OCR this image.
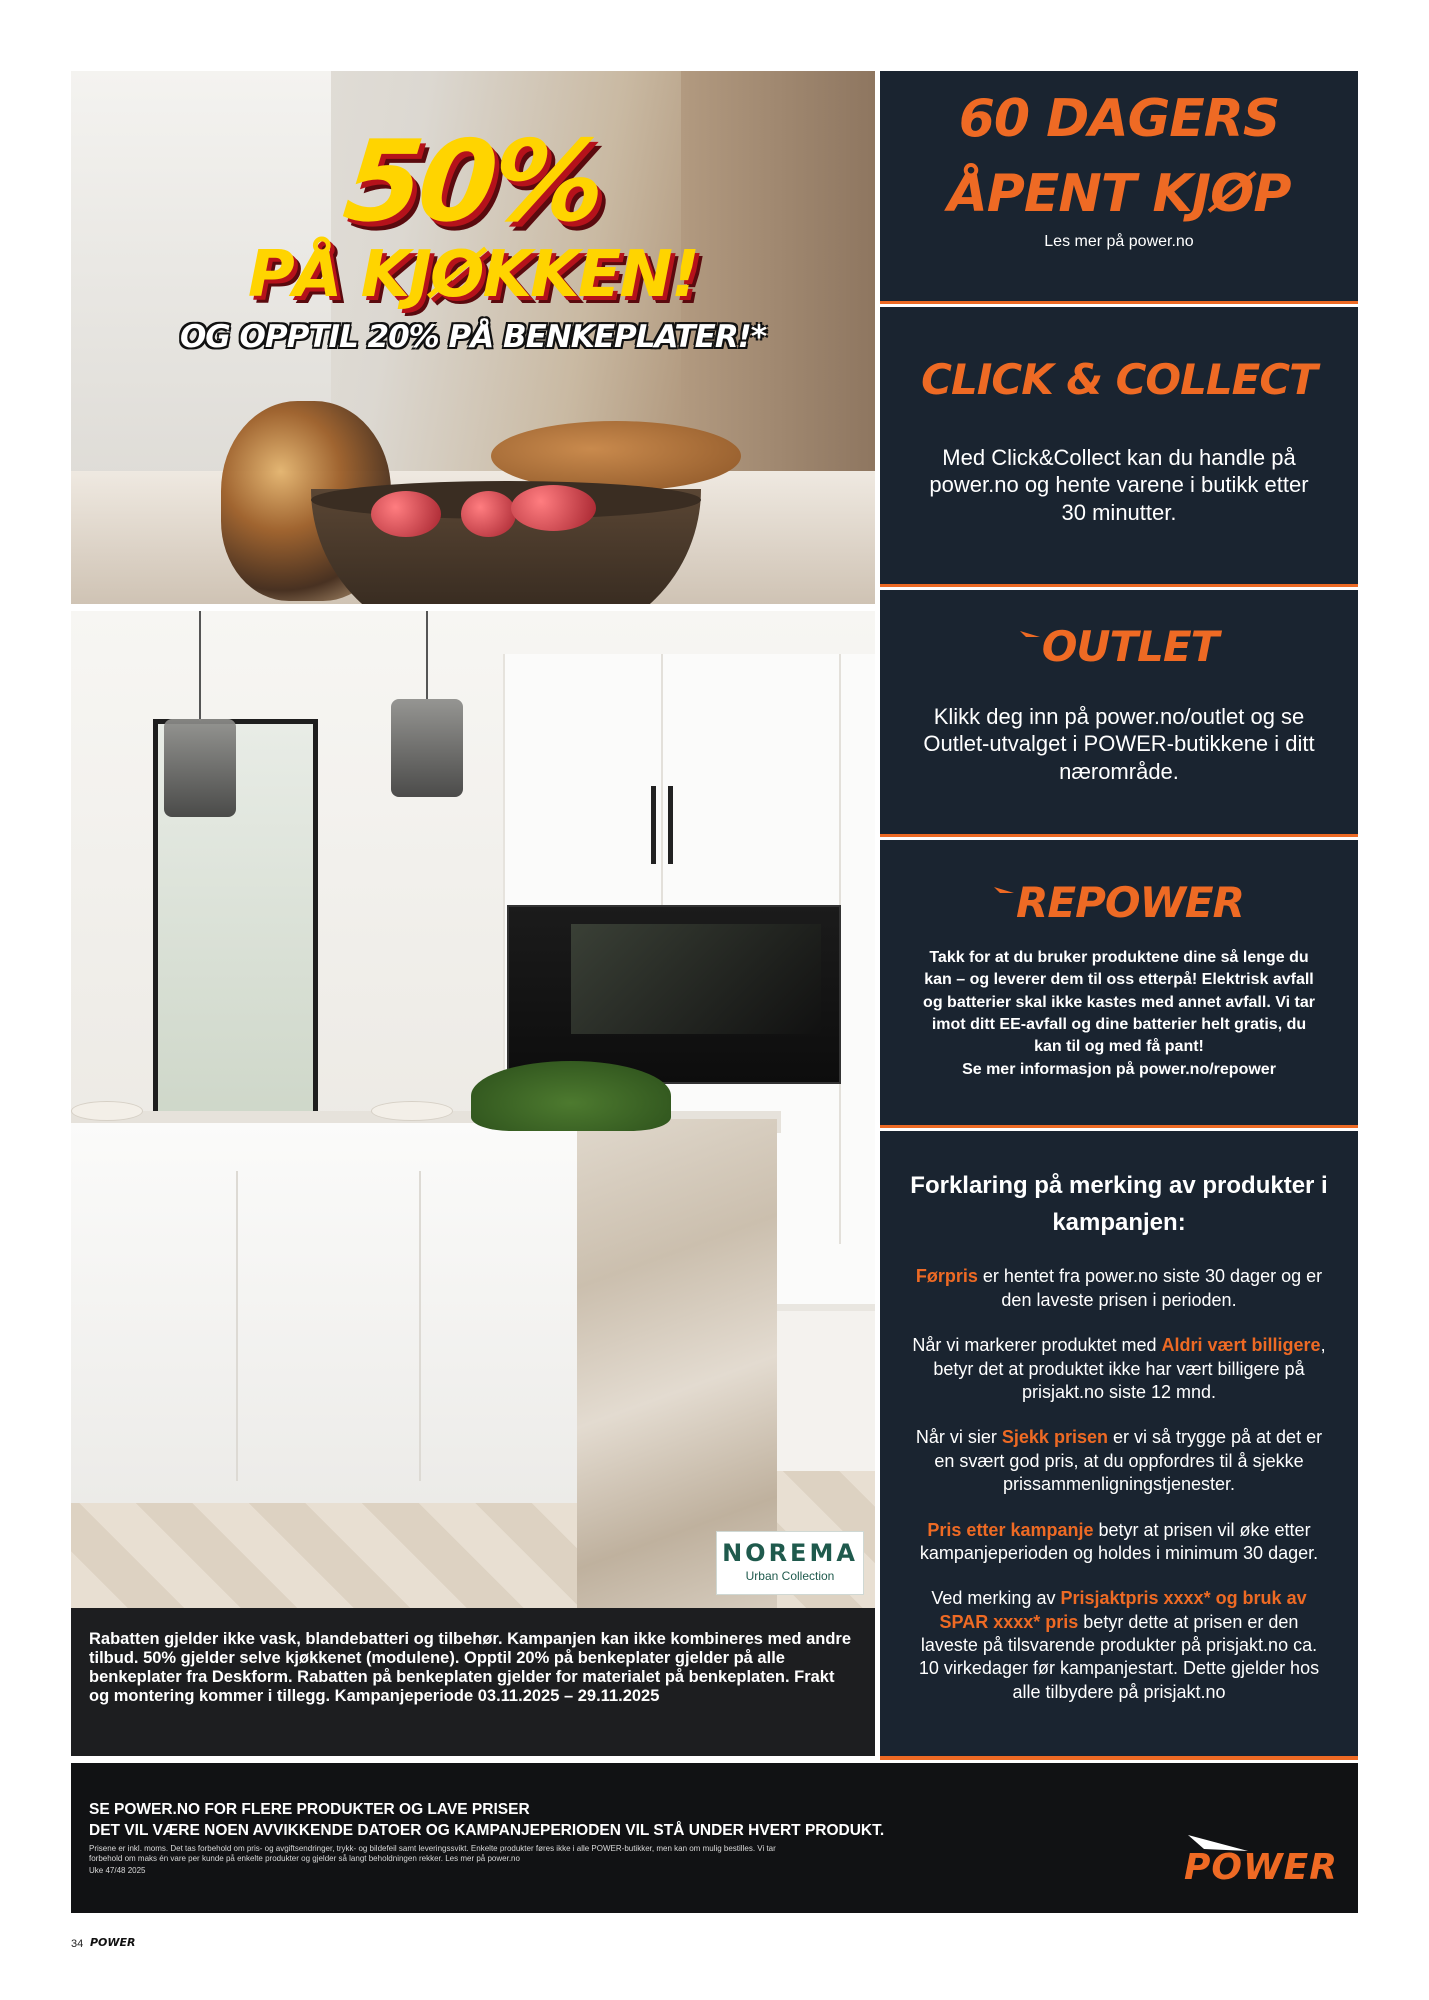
50%
PÅ KJØKKEN!
OG OPPTIL 20% PÅ BENKEPLATER!*
NOREMA
Urban Collection

Rabatten gjelder ikke vask, blandebatteri og tilbehør. Kampanjen kan ikke kombineres med andre tilbud. 50% gjelder selve kjøkkenet (modulene). Opptil 20% på benkeplater gjelder på alle benkeplater fra Deskform. Rabatten på benkeplaten gjelder for materialet på benkeplaten. Frakt og montering kommer i tillegg. Kampanjeperiode 03.11.2025 – 29.11.2025

60 DAGERS
ÅPENT KJØP
Les mer på power.no
CLICK & COLLECT
Med Click&Collect kan du handle på power.no og hente varene i butikk etter 30 minutter.
OUTLET
Klikk deg inn på power.no/outlet og se Outlet-utvalget i POWER-butikkene i ditt nærområde.
REPOWER
Takk for at du bruker produktene dine så lenge du kan – og leverer dem til oss etterpå! Elektrisk avfall og batterier skal ikke kastes med annet avfall. Vi tar imot ditt EE-avfall og dine batterier helt gratis, du kan til og med få pant!
Se mer informasjon på power.no/repower
Forklaring på merking av produkter i kampanjen:
Førpris er hentet fra power.no siste 30 dager og er den laveste prisen i perioden.
Når vi markerer produktet med Aldri vært billigere, betyr det at produktet ikke har vært billigere på prisjakt.no siste 12 mnd.
Når vi sier Sjekk prisen er vi så trygge på at det er en svært god pris, at du oppfordres til å sjekke prissammenligningstjenester.
Pris etter kampanje betyr at prisen vil øke etter kampanjeperioden og holdes i minimum 30 dager.
Ved merking av Prisjaktpris xxxx* og bruk av SPAR xxxx* pris betyr dette at prisen er den laveste på tilsvarende produkter på prisjakt.no ca. 10 virkedager før kampanjestart. Dette gjelder hos alle tilbydere på prisjakt.no
SE POWER.NO FOR FLERE PRODUKTER OG LAVE PRISER
DET VIL VÆRE NOEN AVVIKKENDE DATOER OG KAMPANJEPERIODEN VIL STÅ UNDER HVERT PRODUKT.
Prisene er inkl. moms. Det tas forbehold om pris- og avgiftsendringer, trykk- og bildefeil samt leveringssvikt. Enkelte produkter føres ikke i alle POWER-butikker, men kan om mulig bestilles. Vi tar forbehold om maks én vare per kunde på enkelte produkter og gjelder så langt beholdningen rekker. Les mer på power.no
Uke 47/48 2025	POWER
34 POWER
